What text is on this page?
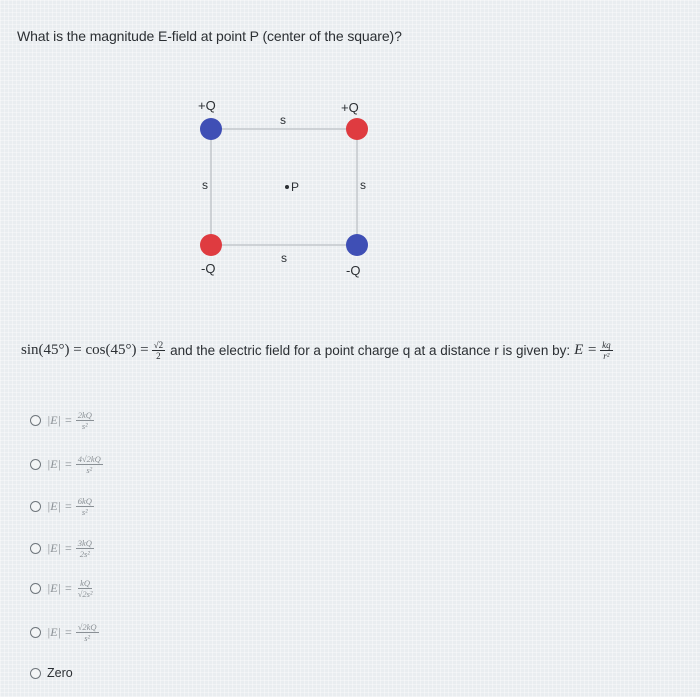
What is the magnitude E-field at point P (center of the square)?
+Q	+Q
-Q	-Q
s
s
s	s
P
$\sin(45^\circ) = \cos(45^\circ) = \frac{√2}{2}$ and the electric field for a point charge q at a distance r is given by: $E = \frac{kq}{\text{r²}}$
$|E| = \frac{2kQ}{\text{s²}}$
$|E| = \frac{4√2kQ}{\text{s²}}$
$|E| = \frac{6kQ}{\text{s²}}$
$|E| = \frac{3kQ}{\text{2s²}}$
$|E| = \frac{kQ}{\text{√2s²}}$
$|E| = \frac{√2kQ}{\text{s²}}$
Zero
